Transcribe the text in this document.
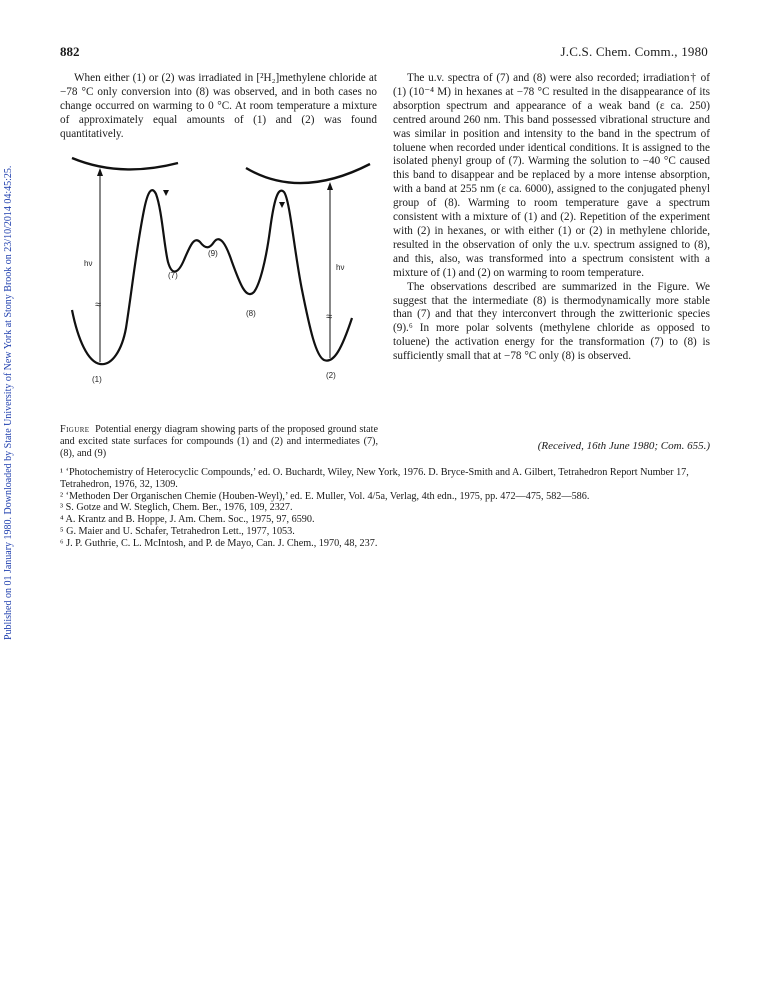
Published on 01 January 1980. Downloaded by State University of New York at Stony Brook on 23/10/2014 04:45:25.
882	J.C.S. Chem. Comm., 1980

When either (1) or (2) was irradiated in [²H₂]methylene chloride at −78 °C only conversion into (8) was observed, and in both cases no change occurred on warming to 0 °C. At room temperature a mixture of approximately equal amounts of (1) and (2) was found quantitatively.

≈
≈
hν	hν
(7)
(9)
(8)
(1)	(2)
Figure Potential energy diagram showing parts of the proposed ground state and excited state surfaces for compounds (1) and (2) and intermediates (7), (8), and (9)

The u.v. spectra of (7) and (8) were also recorded; irradiation† of (1) (10⁻⁴ M) in hexanes at −78 °C resulted in the disappearance of its absorption spectrum and appearance of a weak band (ε ca. 250) centred around 260 nm. This band possessed vibrational structure and was similar in position and intensity to the band in the spectrum of toluene when recorded under identical conditions. It is assigned to the isolated phenyl group of (7). Warming the solution to −40 °C caused this band to disappear and be replaced by a more intense absorption, with a band at 255 nm (ε ca. 6000), assigned to the conjugated phenyl group of (8). Warming to room temperature gave a spectrum consistent with a mixture of (1) and (2). Repetition of the experiment with (2) in hexanes, or with either (1) or (2) in methylene chloride, resulted in the observation of only the u.v. spectrum assigned to (8), and this, also, was transformed into a spectrum consistent with a mixture of (1) and (2) on warming to room temperature.

The observations described are summarized in the Figure. We suggest that the intermediate (8) is thermodynamically more stable than (7) and that they interconvert through the zwitterionic species (9).⁶ In more polar solvents (methylene chloride as opposed to toluene) the activation energy for the transformation (7) to (8) is sufficiently small that at −78 °C only (8) is observed.

(Received, 16th June 1980; Com. 655.)
¹ ‘Photochemistry of Heterocyclic Compounds,’ ed. O. Buchardt, Wiley, New York, 1976. D. Bryce-Smith and A. Gilbert, Tetrahedron Report Number 17, Tetrahedron, 1976, 32, 1309.
² ‘Methoden Der Organischen Chemie (Houben-Weyl),’ ed. E. Muller, Vol. 4/5a, Verlag, 4th edn., 1975, pp. 472—475, 582—586.
³ S. Gotze and W. Steglich, Chem. Ber., 1976, 109, 2327.
⁴ A. Krantz and B. Hoppe, J. Am. Chem. Soc., 1975, 97, 6590.
⁵ G. Maier and U. Schafer, Tetrahedron Lett., 1977, 1053.
⁶ J. P. Guthrie, C. L. McIntosh, and P. de Mayo, Can. J. Chem., 1970, 48, 237.
